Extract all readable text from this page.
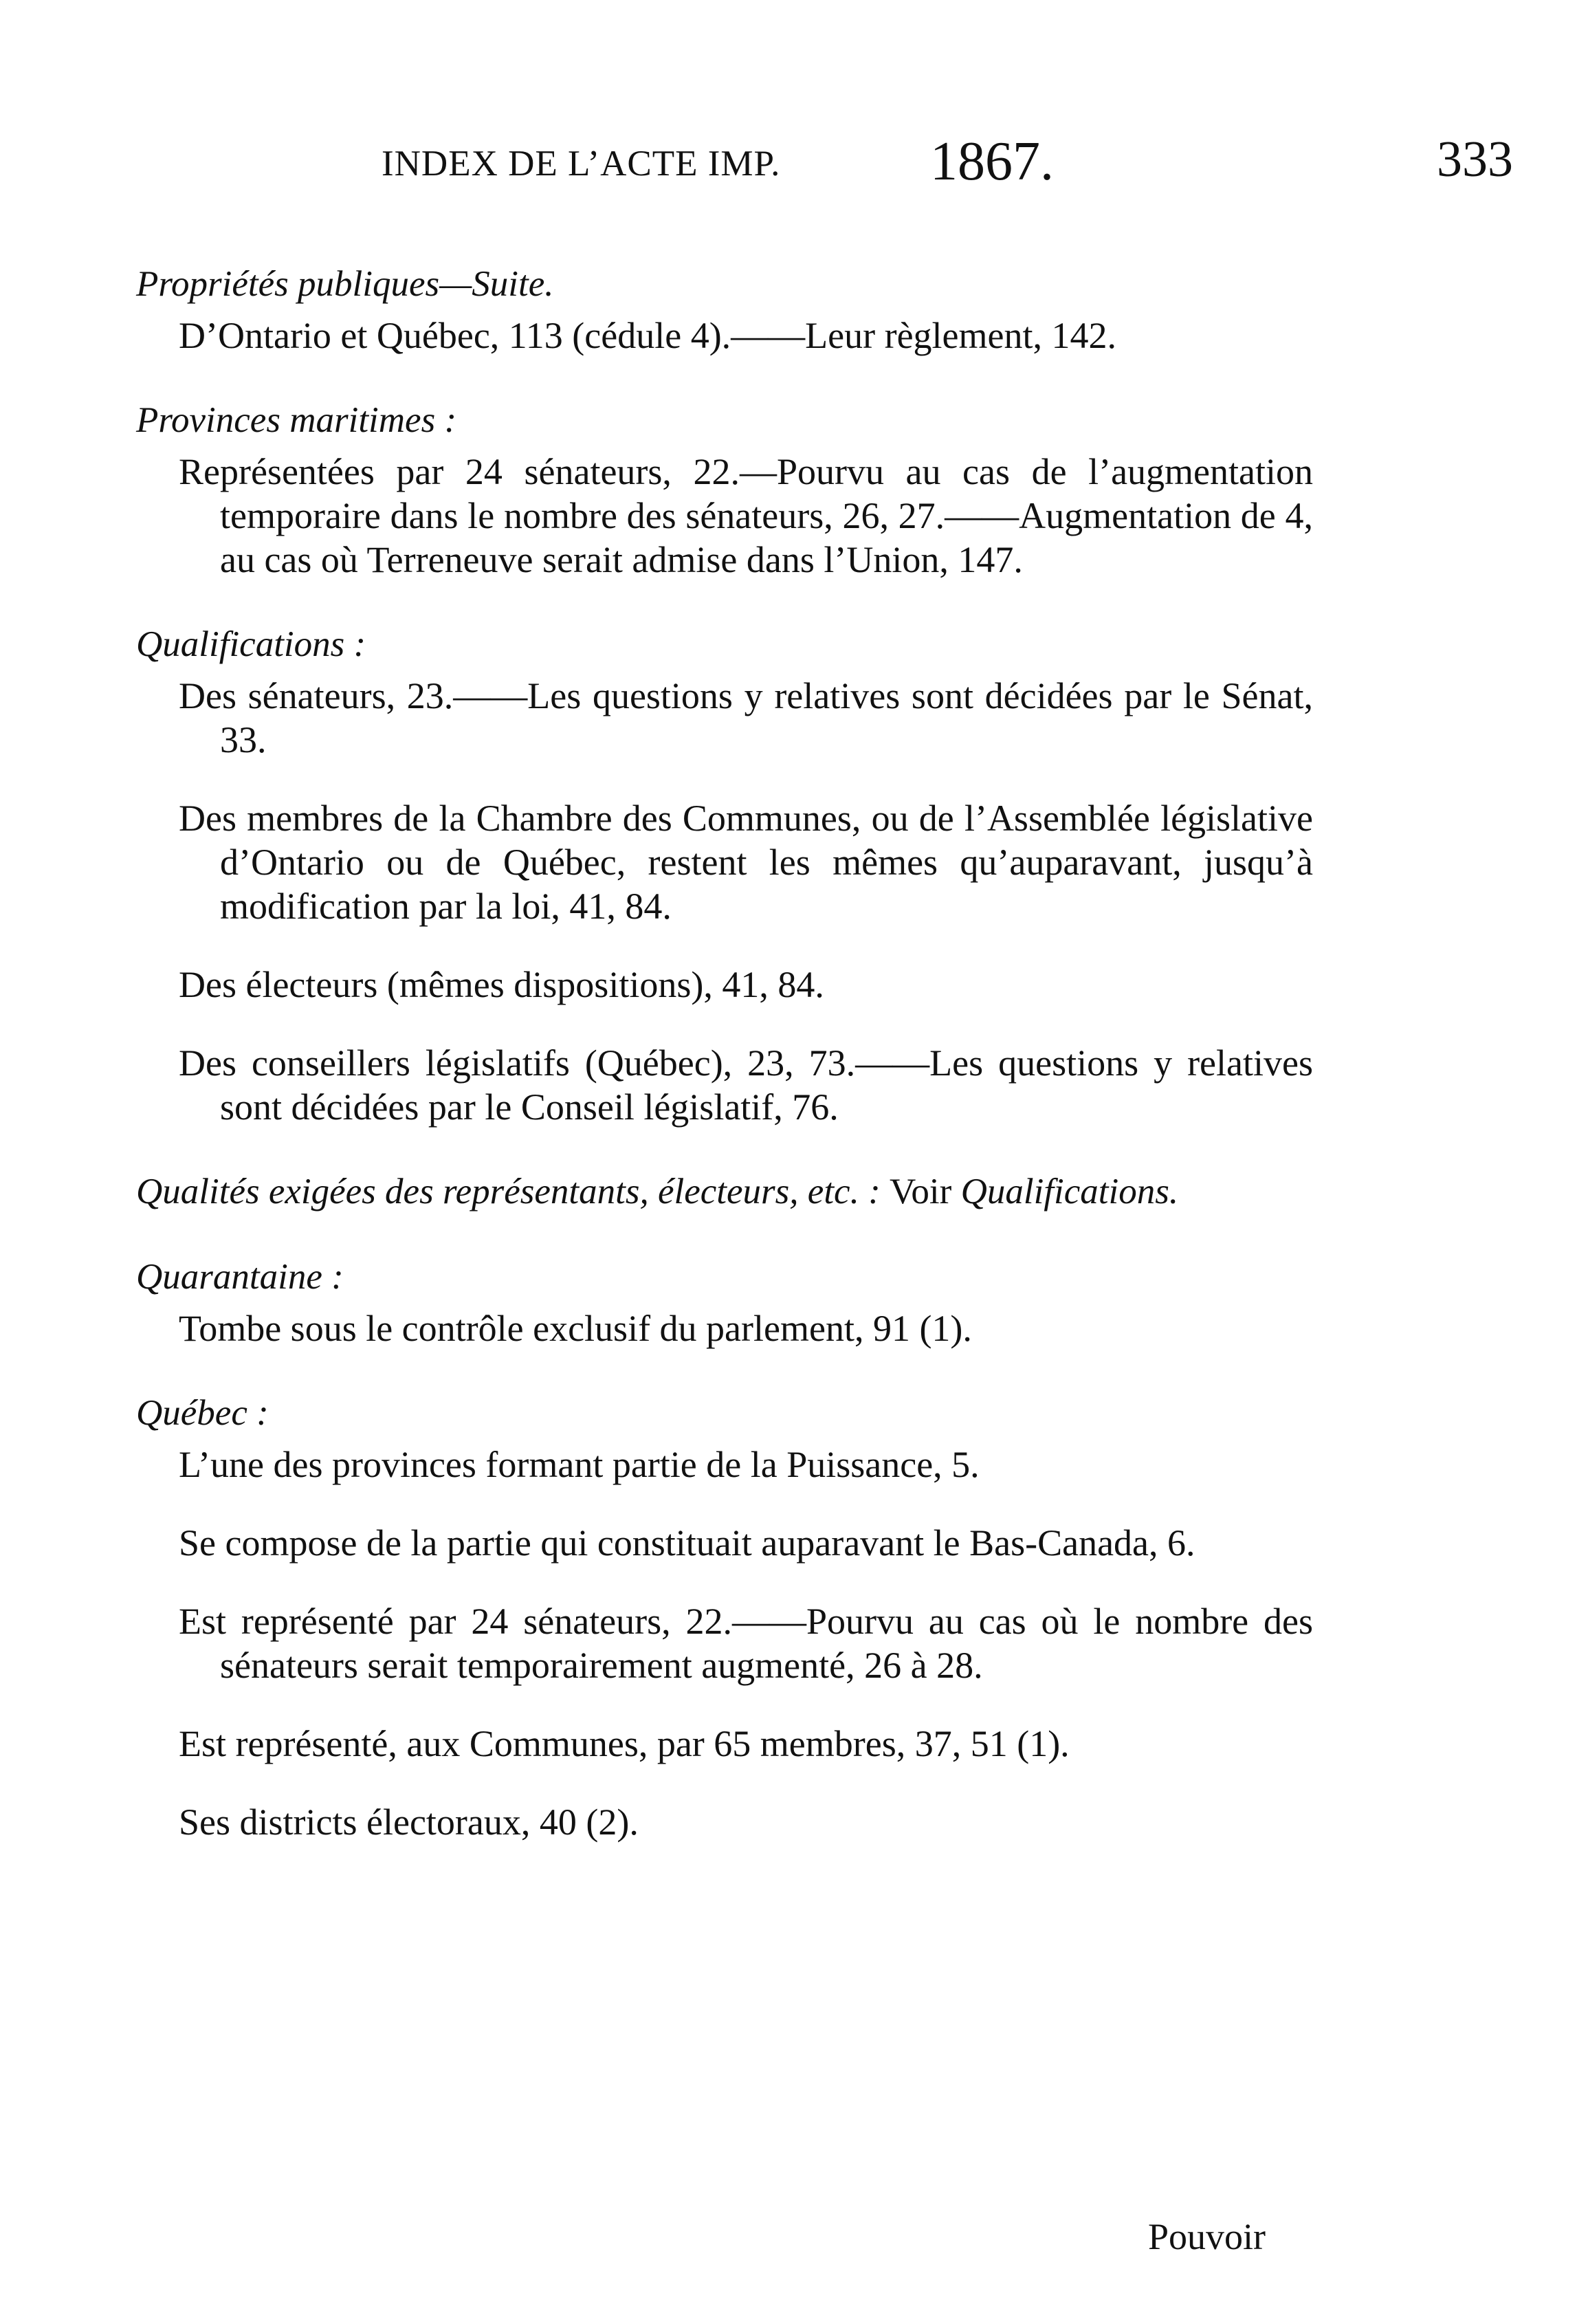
INDEX DE L’ACTE IMP.	1867.	333

Propriétés publiques—Suite.

D’Ontario et Québec, 113 (cédule 4).——Leur règlement, 142.

Provinces maritimes :

Représentées par 24 sénateurs, 22.—Pourvu au cas de l’augmentation temporaire dans le nombre des sénateurs, 26, 27.——Augmentation de 4, au cas où Terreneuve serait admise dans l’Union, 147.

Qualifications :

Des sénateurs, 23.——Les questions y relatives sont décidées par le Sénat, 33.

Des membres de la Chambre des Communes, ou de l’Assemblée législative d’Ontario ou de Québec, restent les mêmes qu’auparavant, jusqu’à modification par la loi, 41, 84.

Des électeurs (mêmes dispositions), 41, 84.

Des conseillers législatifs (Québec), 23, 73.——Les questions y relatives sont décidées par le Conseil législatif, 76.

Qualités exigées des représentants, électeurs, etc. : Voir Qualifications.

Quarantaine :

Tombe sous le contrôle exclusif du parlement, 91 (1).

Québec :

L’une des provinces formant partie de la Puissance, 5.

Se compose de la partie qui constituait auparavant le Bas-Canada, 6.

Est représenté par 24 sénateurs, 22.——Pourvu au cas où le nombre des sénateurs serait temporairement augmenté, 26 à 28.

Est représenté, aux Communes, par 65 membres, 37, 51 (1).

Ses districts électoraux, 40 (2).

Pouvoir
